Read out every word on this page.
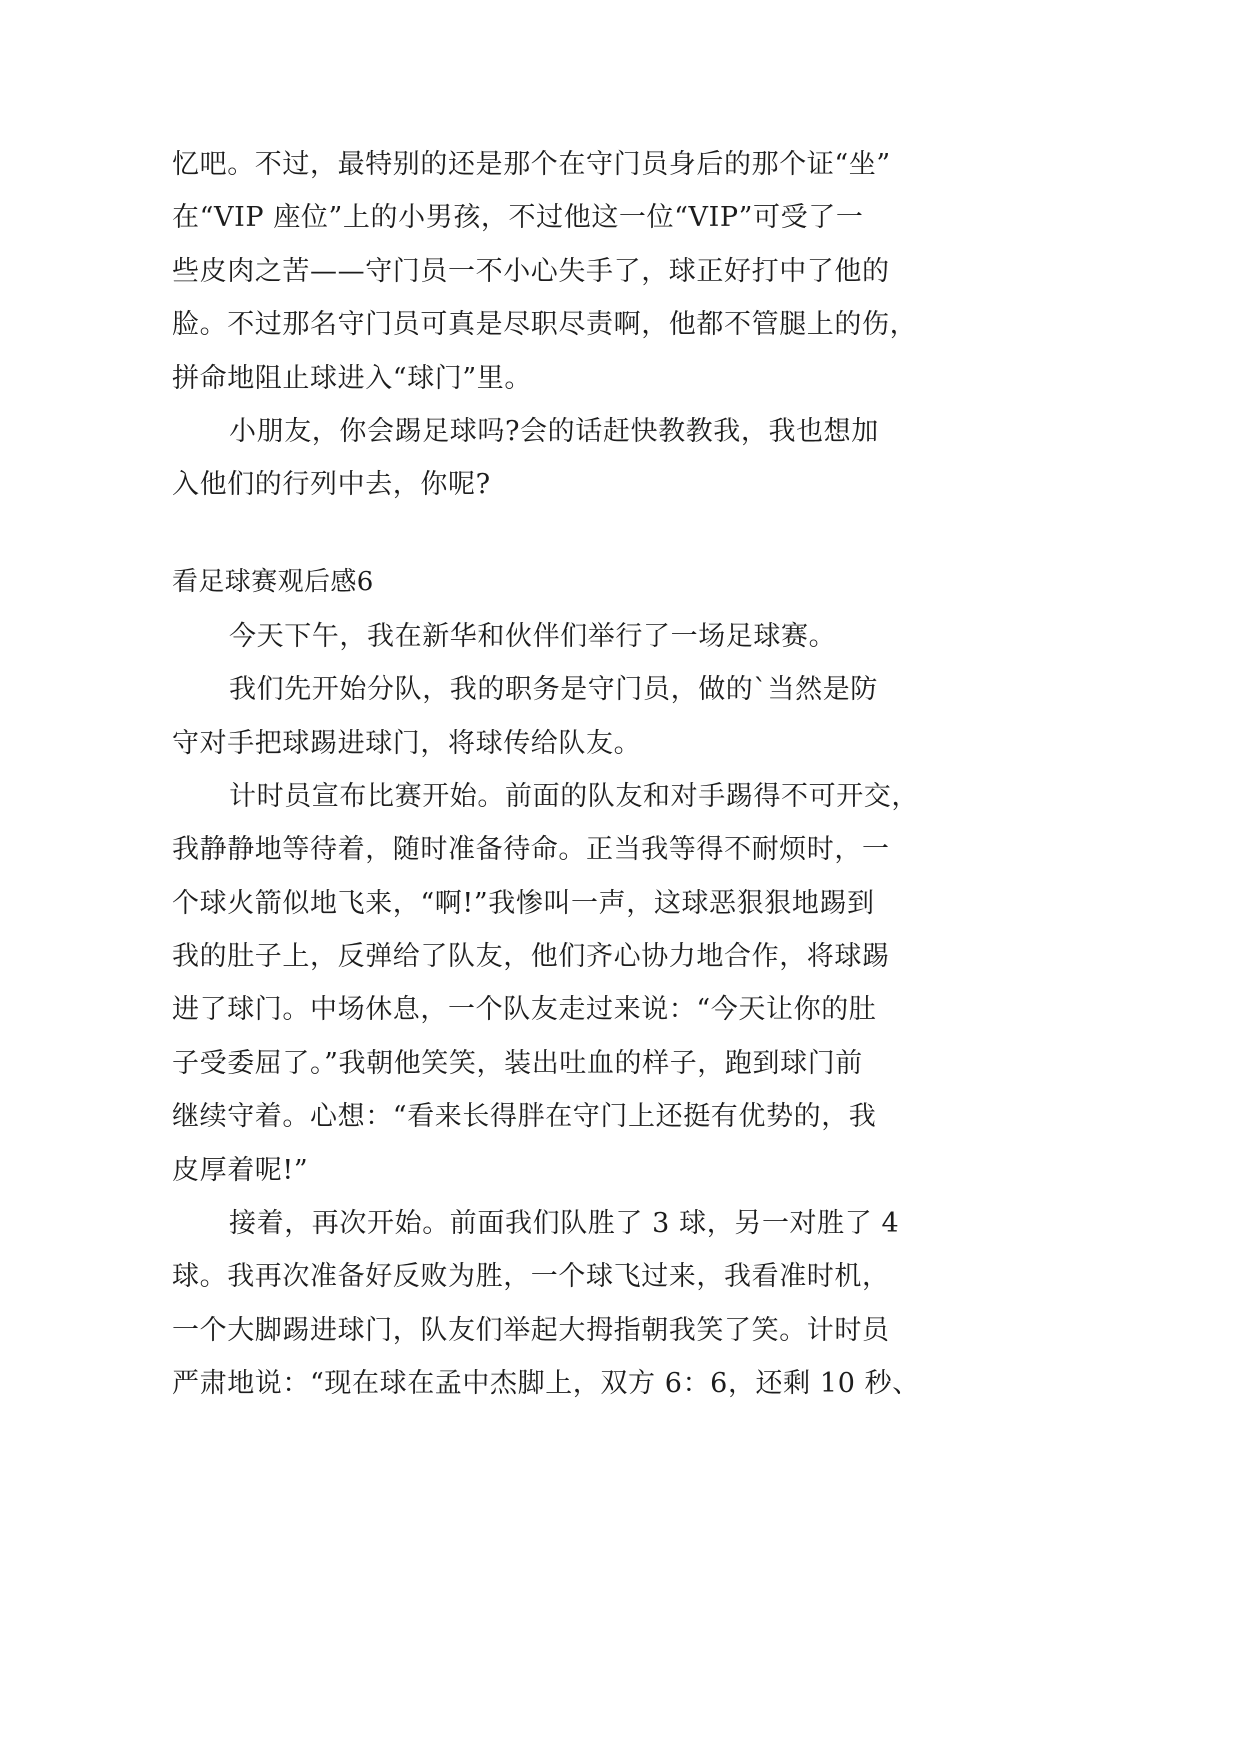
忆吧。不过，最特别的还是那个在守门员身后的那个证“坐”
在“VIP 座位”上的小男孩，不过他这一位“VIP”可受了一
些皮肉之苦——守门员一不小心失手了，球正好打中了他的
脸。不过那名守门员可真是尽职尽责啊，他都不管腿上的伤，
拼命地阻止球进入“球门”里。
小朋友，你会踢足球吗?会的话赶快教教我，我也想加
入他们的行列中去，你呢?
看足球赛观后感6
今天下午，我在新华和伙伴们举行了一场足球赛。
我们先开始分队，我的职务是守门员，做的`当然是防
守对手把球踢进球门，将球传给队友。
计时员宣布比赛开始。前面的队友和对手踢得不可开交，
我静静地等待着，随时准备待命。正当我等得不耐烦时，一
个球火箭似地飞来，“啊!”我惨叫一声，这球恶狠狠地踢到
我的肚子上，反弹给了队友，他们齐心协力地合作，将球踢
进了球门。中场休息，一个队友走过来说：“今天让你的肚
子受委屈了。”我朝他笑笑，装出吐血的样子，跑到球门前
继续守着。心想：“看来长得胖在守门上还挺有优势的，我
皮厚着呢!”
接着，再次开始。前面我们队胜了 3 球，另一对胜了 4
球。我再次准备好反败为胜，一个球飞过来，我看准时机，
一个大脚踢进球门，队友们举起大拇指朝我笑了笑。计时员
严肃地说：“现在球在孟中杰脚上，双方 6：6，还剩 10 秒、
